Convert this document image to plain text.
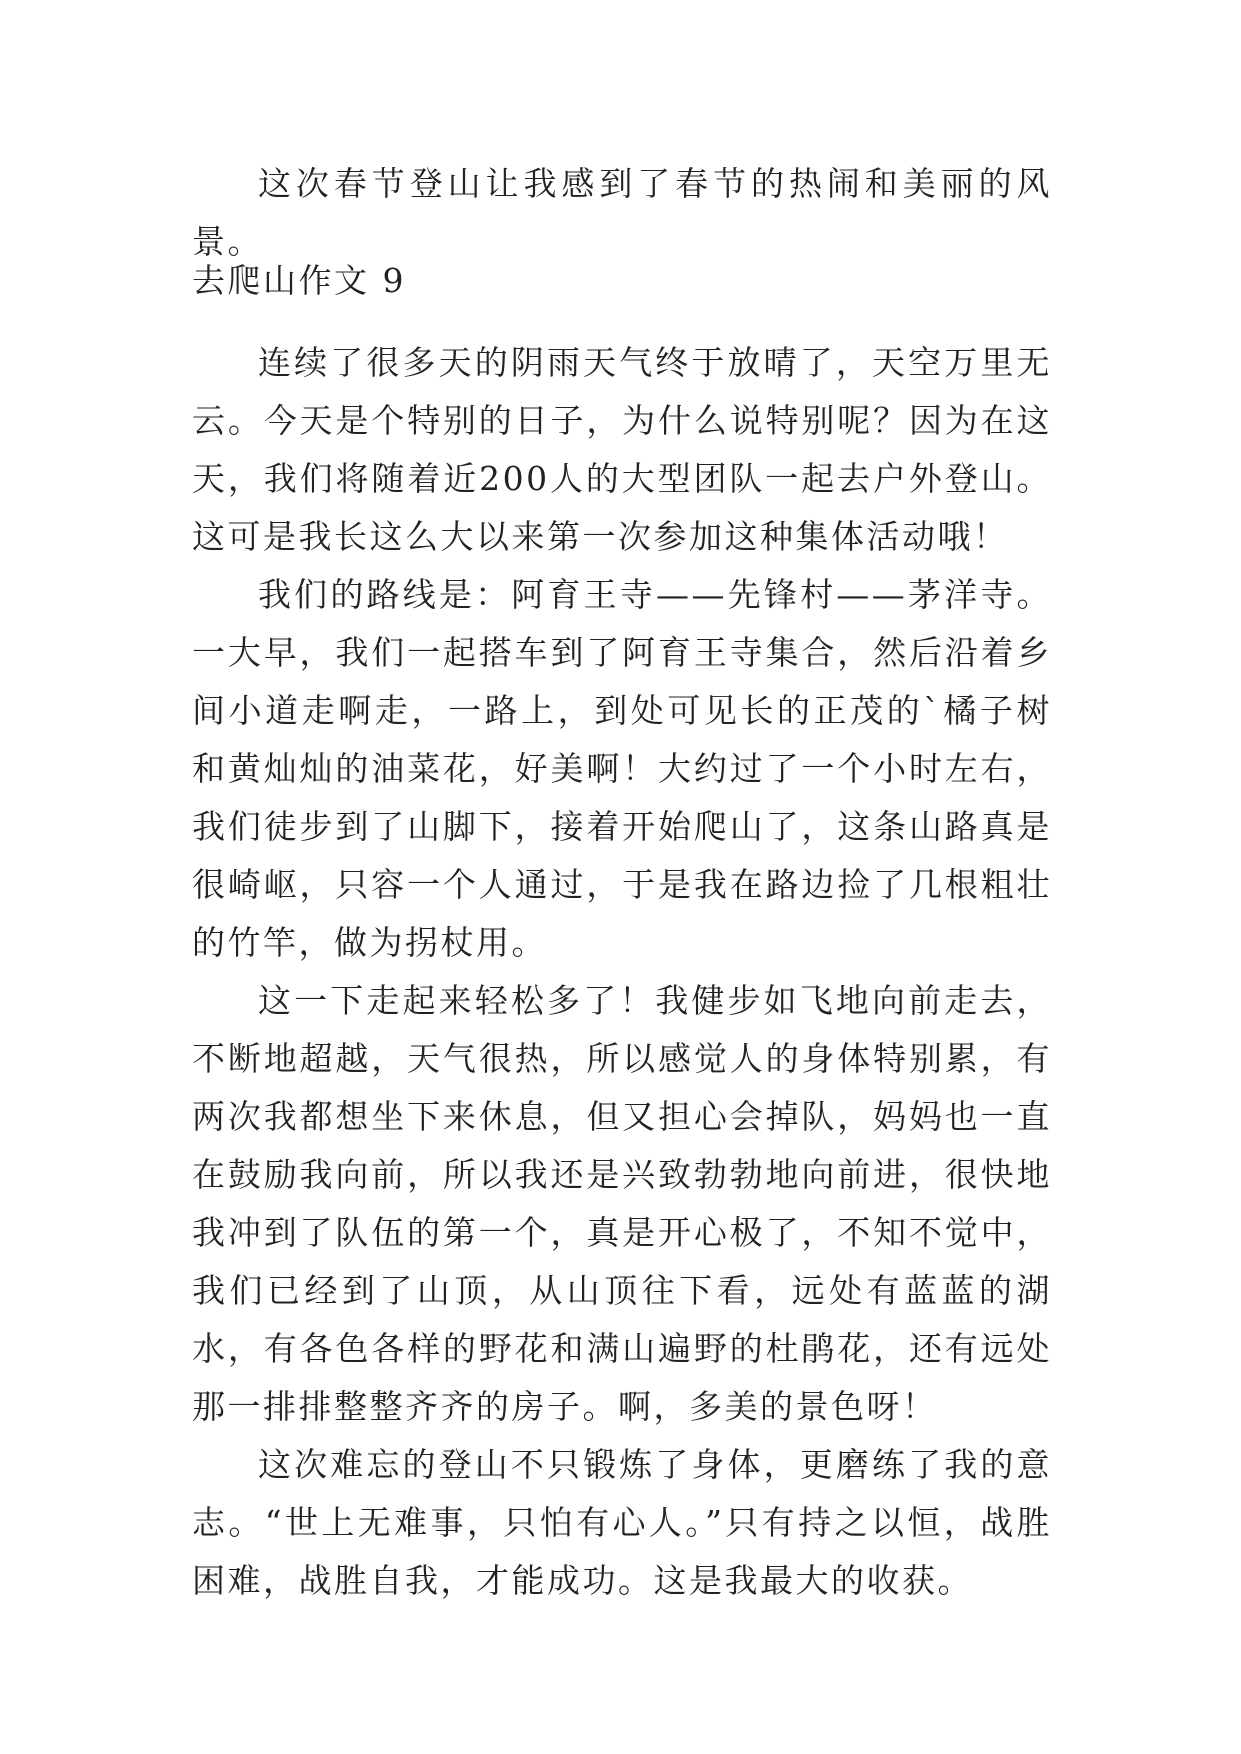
这次春节登山让我感到了春节的热闹和美丽的风景。

去爬山作文 9

连续了很多天的阴雨天气终于放晴了，天空万里无云。今天是个特别的日子，为什么说特别呢？因为在这天，我们将随着近200人的大型团队一起去户外登山。这可是我长这么大以来第一次参加这种集体活动哦！

我们的路线是：阿育王寺——先锋村——茅洋寺。一大早，我们一起搭车到了阿育王寺集合，然后沿着乡间小道走啊走，一路上，到处可见长的正茂的`橘子树和黄灿灿的油菜花，好美啊！大约过了一个小时左右，我们徒步到了山脚下，接着开始爬山了，这条山路真是很崎岖，只容一个人通过，于是我在路边捡了几根粗壮的竹竿，做为拐杖用。

这一下走起来轻松多了！我健步如飞地向前走去，不断地超越，天气很热，所以感觉人的身体特别累，有两次我都想坐下来休息，但又担心会掉队，妈妈也一直在鼓励我向前，所以我还是兴致勃勃地向前进，很快地我冲到了队伍的第一个，真是开心极了，不知不觉中，我们已经到了山顶，从山顶往下看，远处有蓝蓝的湖水，有各色各样的野花和满山遍野的杜鹃花，还有远处那一排排整整齐齐的房子。啊，多美的景色呀！

这次难忘的登山不只锻炼了身体，更磨练了我的意志。“世上无难事，只怕有心人。”只有持之以恒，战胜困难，战胜自我，才能成功。这是我最大的收获。
